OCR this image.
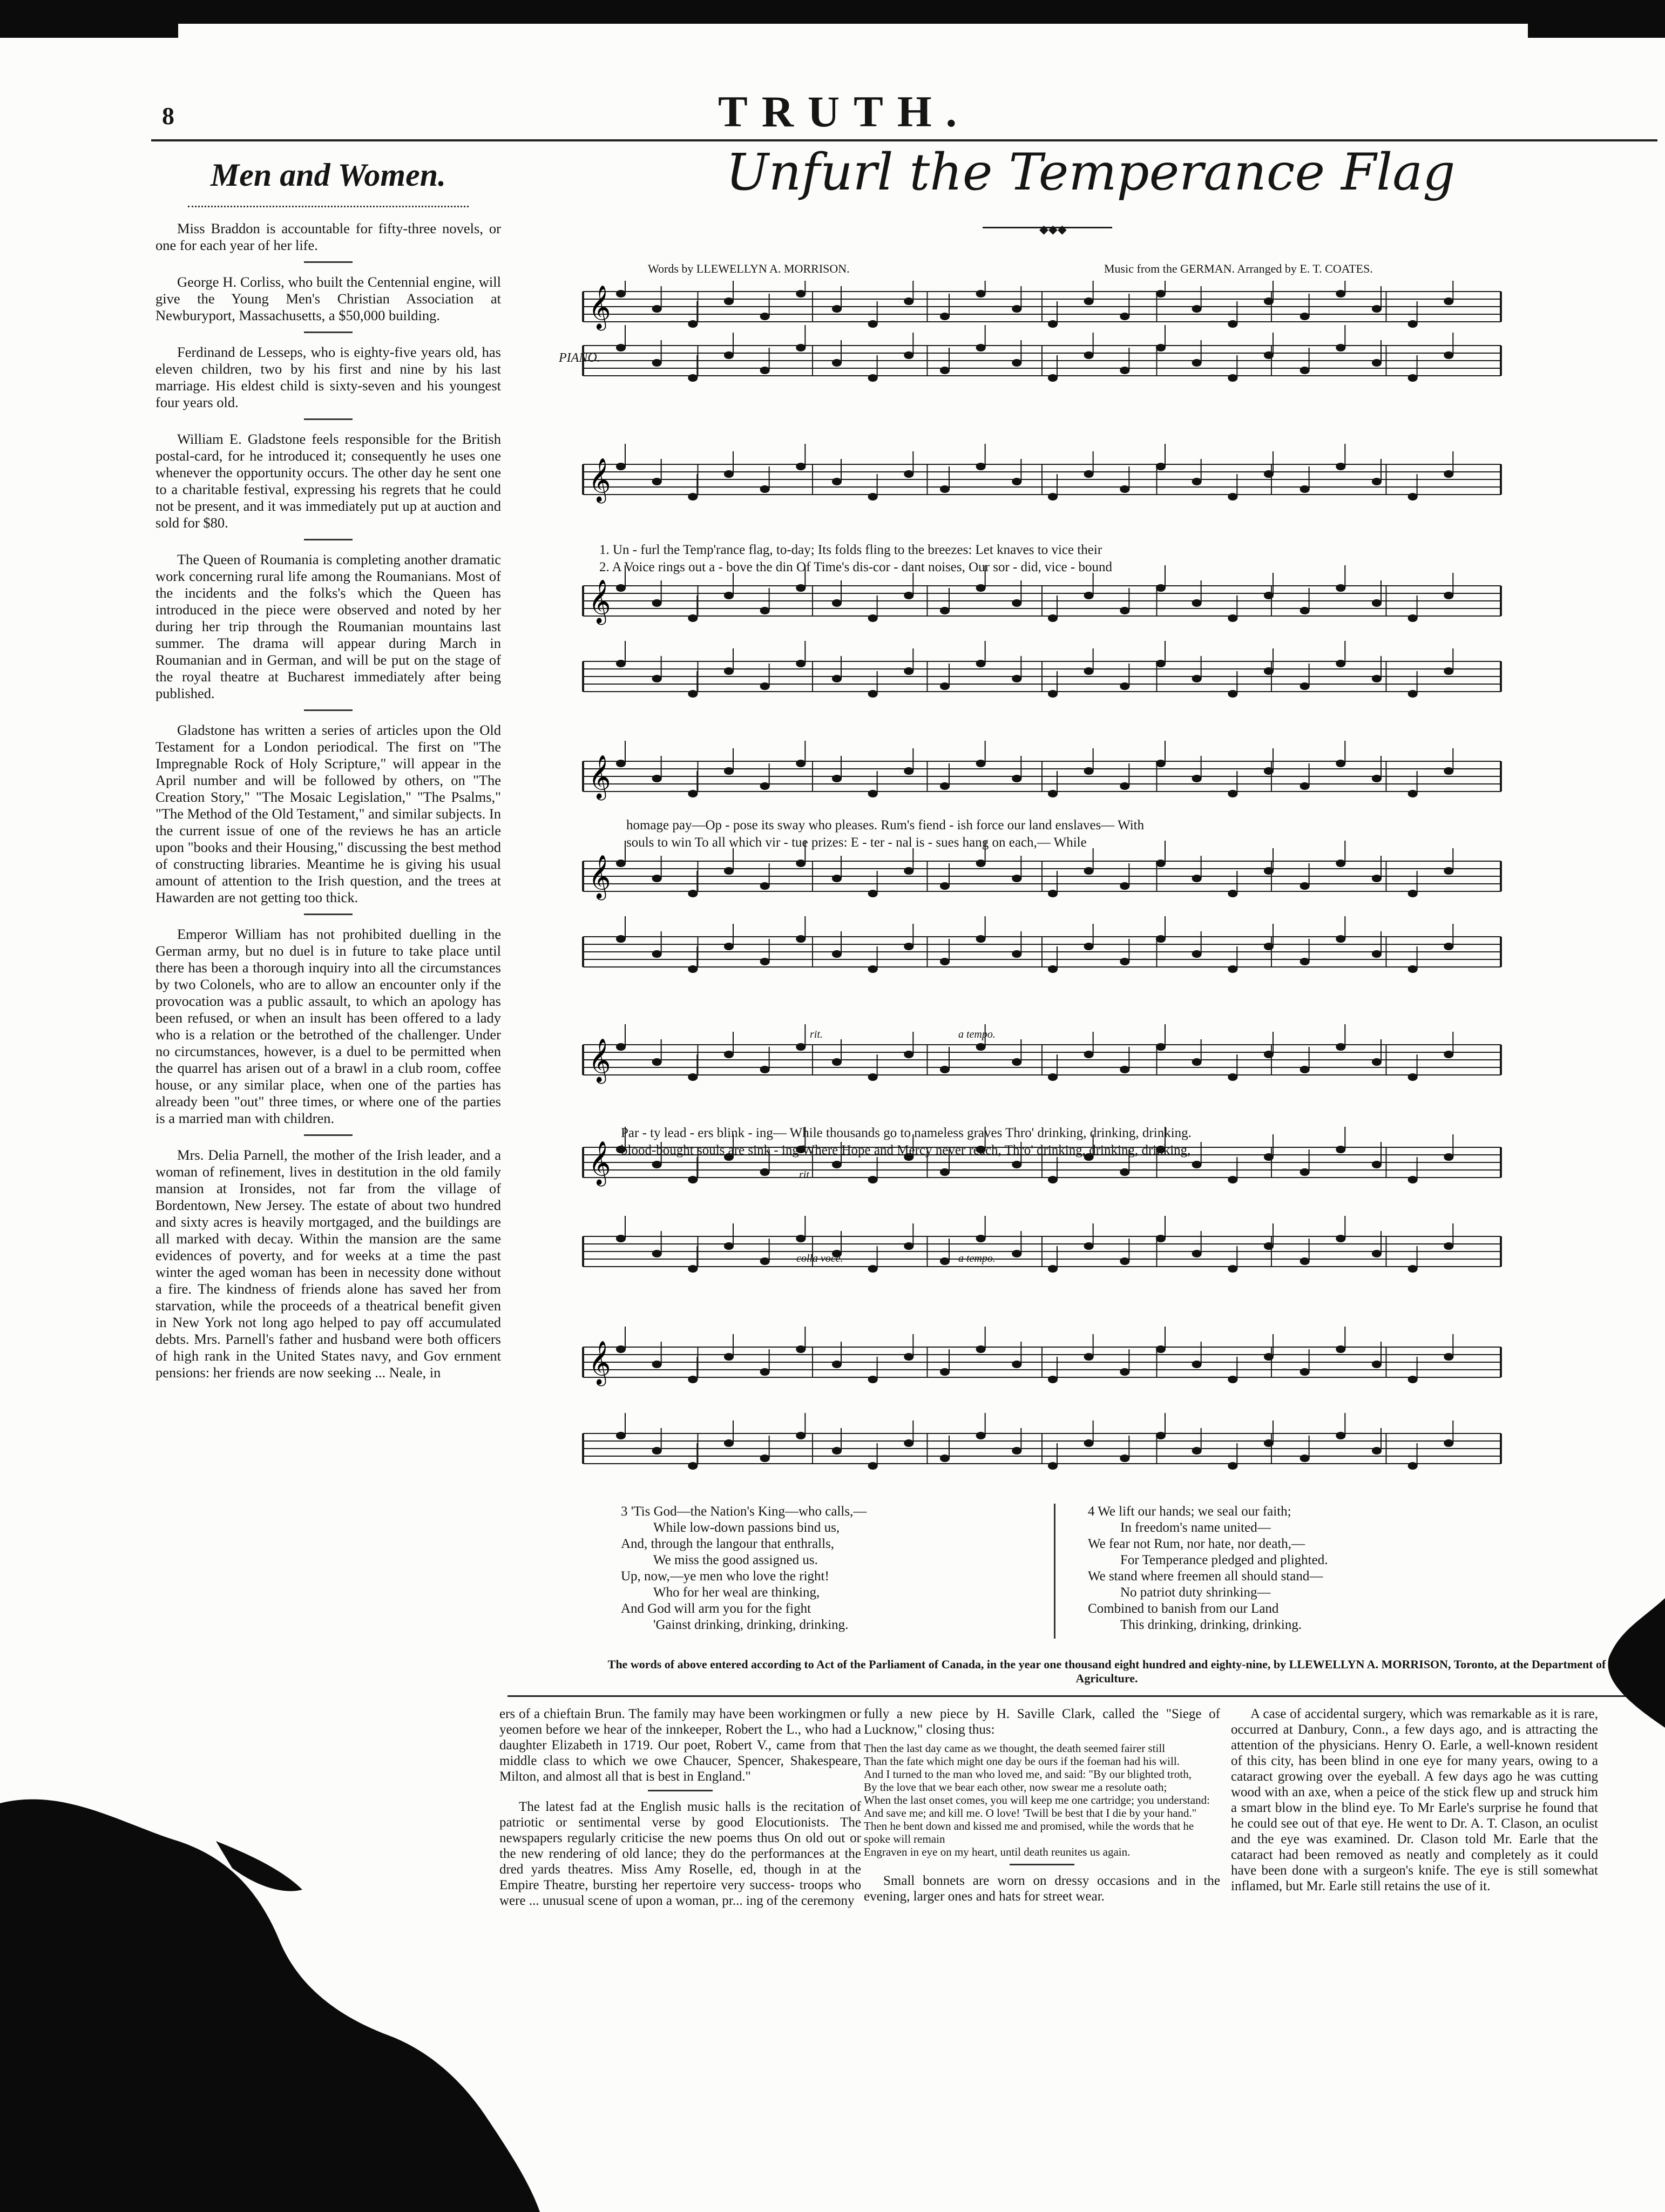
8	TRUTH.
Men and Women.

Miss Braddon is accountable for fifty-three novels, or one for each year of her life.

George H. Corliss, who built the Centennial engine, will give the Young Men's Christian Association at Newburyport, Massachusetts, a $50,000 building.

Ferdinand de Lesseps, who is eighty-five years old, has eleven children, two by his first and nine by his last marriage. His eldest child is sixty-seven and his youngest four years old.

William E. Gladstone feels responsible for the British postal-card, for he introduced it; consequently he uses one whenever the opportunity occurs. The other day he sent one to a charitable festival, expressing his regrets that he could not be present, and it was immediately put up at auction and sold for $80.

The Queen of Roumania is completing another dramatic work concerning rural life among the Roumanians. Most of the incidents and the folks's which the Queen has introduced in the piece were observed and noted by her during her trip through the Roumanian mountains last summer. The drama will appear during March in Roumanian and in German, and will be put on the stage of the royal theatre at Bucharest immediately after being published.

Gladstone has written a series of articles upon the Old Testament for a London periodical. The first on "The Impregnable Rock of Holy Scripture," will appear in the April number and will be followed by others, on "The Creation Story," "The Mosaic Legislation," "The Psalms," "The Method of the Old Testament," and similar subjects. In the current issue of one of the reviews he has an article upon "books and their Housing," discussing the best method of constructing libraries. Meantime he is giving his usual amount of attention to the Irish question, and the trees at Hawarden are not getting too thick.

Emperor William has not prohibited duelling in the German army, but no duel is in future to take place until there has been a thorough inquiry into all the circumstances by two Colonels, who are to allow an encounter only if the provocation was a public assault, to which an apology has been refused, or when an insult has been offered to a lady who is a relation or the betrothed of the challenger. Under no circumstances, however, is a duel to be permitted when the quarrel has arisen out of a brawl in a club room, coffee house, or any similar place, when one of the parties has already been "out" three times, or where one of the parties is a married man with children.

Mrs. Delia Parnell, the mother of the Irish leader, and a woman of refinement, lives in destitution in the old family mansion at Ironsides, not far from the village of Bordentown, New Jersey. The estate of about two hundred and sixty acres is heavily mortgaged, and the buildings are all marked with decay. Within the mansion are the same evidences of poverty, and for weeks at a time the past winter the aged woman has been in necessity done without a fire. The kindness of friends alone has saved her from starvation, while the proceeds of a theatrical benefit given in New York not long ago helped to pay off accumulated debts. Mrs. Parnell's father and husband were both officers of high rank in the United States navy, and Gov ernment pensions: her friends are now seeking ... Neale, in

Unfurl the Temperance Flag
◆◆◆
Words by LLEWELLYN A. MORRISON.	Music from the GERMAN. Arranged by E. T. COATES.
PIANO.
𝄞
𝄞
𝄞
𝄞
𝄞
𝄞
𝄞
𝄞
1. Un - furl the Temp'rance flag, to-day; Its folds fling to the breezes: Let knaves to vice their
2. A Voice rings out a - bove the din Of Time's dis-cor - dant noises, Our sor - did, vice - bound
homage pay—Op - pose its sway who pleases. Rum's fiend - ish force our land enslaves— With
souls to win To all which vir - tue prizes: E - ter - nal is - sues hang on each,— While
Par - ty lead - ers blink - ing— While thousands go to nameless graves Thro' drinking, drinking, drinking.
blood-bought souls are sink - ing Where Hope and Mercy never reach, Thro' drinking, drinking, drinking,
rit.	a tempo.
rit.
colla voce.	a tempo.
3 'Tis God—the Nation's King—who calls,—
While low-down passions bind us,
And, through the langour that enthralls,
We miss the good assigned us.
Up, now,—ye men who love the right!
Who for her weal are thinking,
And God will arm you for the fight
'Gainst drinking, drinking, drinking.
4 We lift our hands; we seal our faith;
In freedom's name united—
We fear not Rum, nor hate, nor death,—
For Temperance pledged and plighted.
We stand where freemen all should stand—
No patriot duty shrinking—
Combined to banish from our Land
This drinking, drinking, drinking.
The words of above entered according to Act of the Parliament of Canada, in the year one thousand eight hundred and eighty-nine, by LLEWELLYN A. MORRISON, Toronto, at the Department of Agriculture.
ers of a chieftain Brun. The family may have been workingmen or yeomen before we hear of the innkeeper, Robert the L., who had a daughter Elizabeth in 1719. Our poet, Robert V., came from that middle class to which we owe Chaucer, Spencer, Shakespeare, Milton, and almost all that is best in England."
The latest fad at the English music halls is the recitation of patriotic or sentimental verse by good Elocutionists. The newspapers regularly criticise the new poems thus On old out or the new rendering of old lance; they do the performances at the dred yards theatres. Miss Amy Roselle, ed, though in at the Empire Theatre, bursting her repertoire very success- troops who were ... unusual scene of upon a woman, pr... ing of the ceremony
fully a new piece by H. Saville Clark, called the "Siege of Lucknow," closing thus:
Then the last day came as we thought, the death seemed fairer still
Than the fate which might one day be ours if the foeman had his will.
And I turned to the man who loved me, and said: "By our blighted troth,
By the love that we bear each other, now swear me a resolute oath;
When the last onset comes, you will keep me one cartridge; you understand:
And save me; and kill me. O love! 'Twill be best that I die by your hand."
Then he bent down and kissed me and promised, while the words that he spoke will remain
Engraven in eye on my heart, until death reunites us again.
Small bonnets are worn on dressy occasions and in the evening, larger ones and hats for street wear.
A case of accidental surgery, which was remarkable as it is rare, occurred at Danbury, Conn., a few days ago, and is attracting the attention of the physicians. Henry O. Earle, a well-known resident of this city, has been blind in one eye for many years, owing to a cataract growing over the eyeball. A few days ago he was cutting wood with an axe, when a peice of the stick flew up and struck him a smart blow in the blind eye. To Mr Earle's surprise he found that he could see out of that eye. He went to Dr. A. T. Clason, an oculist and the eye was examined. Dr. Clason told Mr. Earle that the cataract had been removed as neatly and completely as it could have been done with a surgeon's knife. The eye is still somewhat inflamed, but Mr. Earle still retains the use of it.
